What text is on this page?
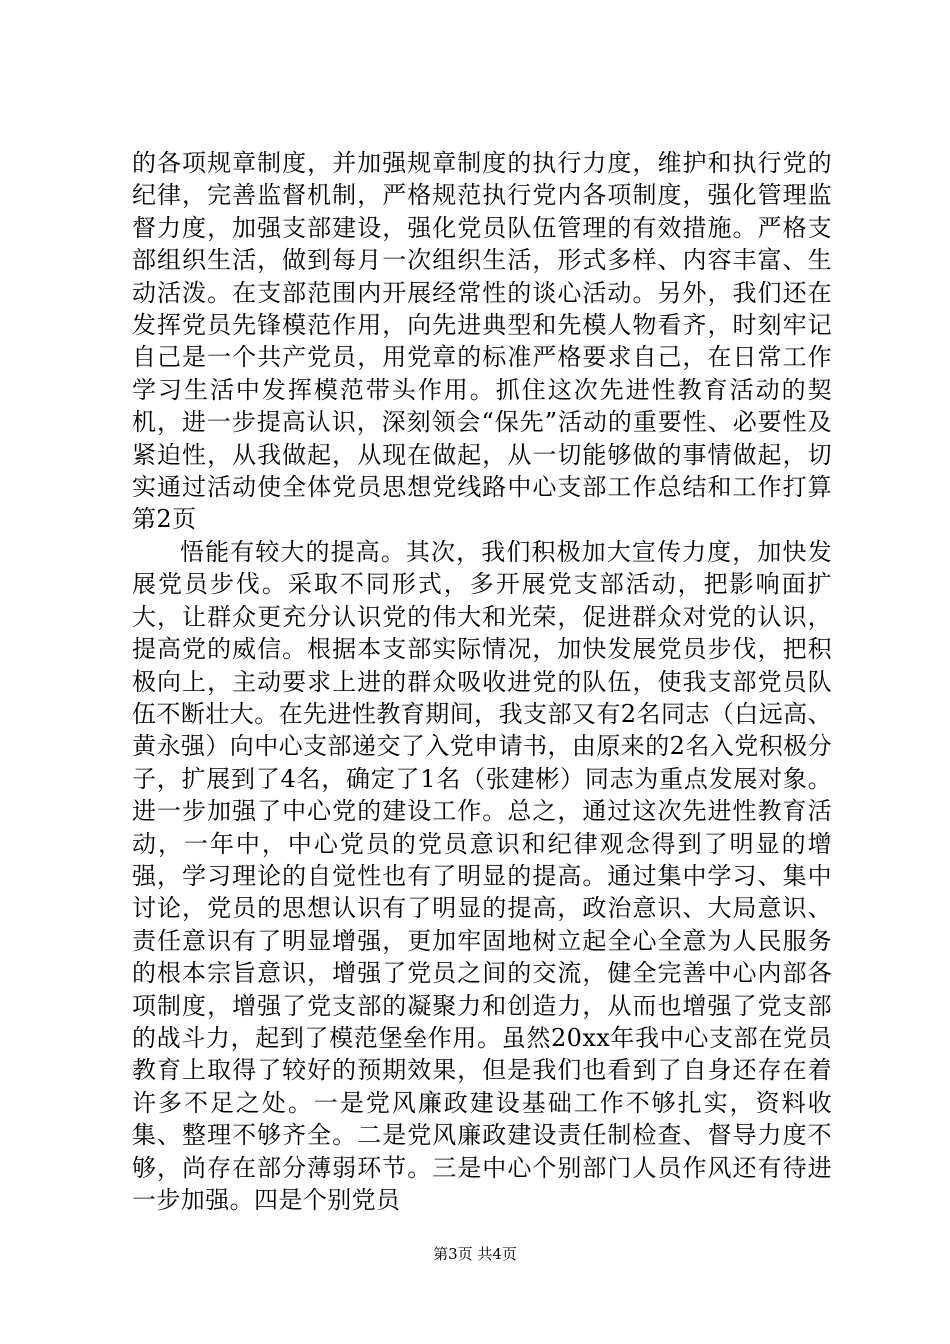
的各项规章制度，并加强规章制度的执行力度，维护和执行党的纪律，完善监督机制，严格规范执行党内各项制度，强化管理监督力度，加强支部建设，强化党员队伍管理的有效措施。严格支部组织生活，做到每月一次组织生活，形式多样、内容丰富、生动活泼。在支部范围内开展经常性的谈心活动。另外，我们还在发挥党员先锋模范作用，向先进典型和先模人物看齐，时刻牢记自己是一个共产党员，用党章的标准严格要求自己，在日常工作学习生活中发挥模范带头作用。抓住这次先进性教育活动的契机，进一步提高认识，深刻领会“保先”活动的重要性、必要性及紧迫性，从我做起，从现在做起，从一切能够做的事情做起，切实通过活动使全体党员思想党线路中心支部工作总结和工作打算第2页

悟能有较大的提高。其次，我们积极加大宣传力度，加快发展党员步伐。采取不同形式，多开展党支部活动，把影响面扩大，让群众更充分认识党的伟大和光荣，促进群众对党的认识，提高党的威信。根据本支部实际情况，加快发展党员步伐，把积极向上，主动要求上进的群众吸收进党的队伍，使我支部党员队伍不断壮大。在先进性教育期间，我支部又有2名同志（白远高、黄永强）向中心支部递交了入党申请书，由原来的2名入党积极分子，扩展到了4名，确定了1名（张建彬）同志为重点发展对象。进一步加强了中心党的建设工作。总之，通过这次先进性教育活动，一年中，中心党员的党员意识和纪律观念得到了明显的增强，学习理论的自觉性也有了明显的提高。通过集中学习、集中讨论，党员的思想认识有了明显的提高，政治意识、大局意识、责任意识有了明显增强，更加牢固地树立起全心全意为人民服务的根本宗旨意识，增强了党员之间的交流，健全完善中心内部各项制度，增强了党支部的凝聚力和创造力，从而也增强了党支部的战斗力，起到了模范堡垒作用。虽然20xx年我中心支部在党员教育上取得了较好的预期效果，但是我们也看到了自身还存在着许多不足之处。一是党风廉政建设基础工作不够扎实，资料收集、整理不够齐全。二是党风廉政建设责任制检查、督导力度不够，尚存在部分薄弱环节。三是中心个别部门人员作风还有待进一步加强。四是个别党员

第3页 共4页
